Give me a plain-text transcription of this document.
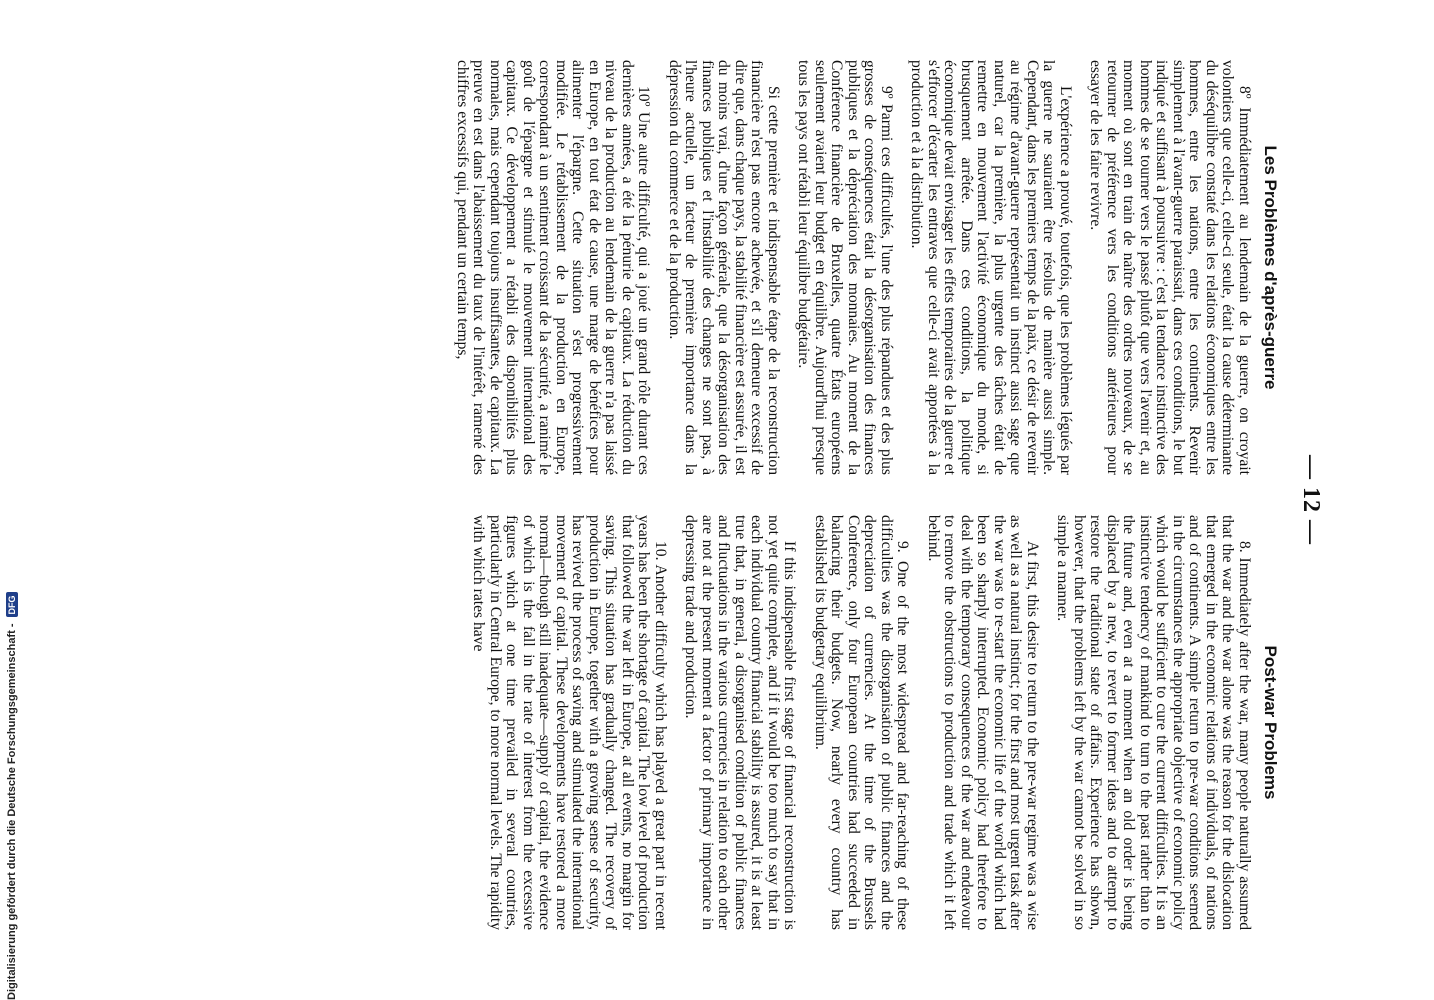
— 12 —
Les Problèmes d'après-guerre

8º Immédiatement au lendemain de la guerre, on croyait volontiers que celle-ci, celle-ci seule, était la cause déterminante du déséquilibre constaté dans les relations économiques entre les hommes, entre les nations, entre les continents. Revenir simplement à l'avant-guerre paraissait, dans ces conditions, le but indiqué et suffisant à poursuivre : c'est la tendance instinctive des hommes de se tourner vers le passé plutôt que vers l'avenir et, au moment où sont en train de naître des ordres nouveaux, de se retourner de préférence vers les conditions antérieures pour essayer de les faire revivre.

L'expérience a prouvé, toutefois, que les problèmes légués par la guerre ne sauraient être résolus de manière aussi simple. Cependant, dans les premiers temps de la paix, ce désir de revenir au régime d'avant-guerre représentait un instinct aussi sage que naturel, car la première, la plus urgente des tâches était de remettre en mouvement l'activité économique du monde, si brusquement arrêtée. Dans ces conditions, la politique économique devait envisager les effets temporaires de la guerre et s'efforcer d'écarter les entraves que celle-ci avait apportées à la production et à la distribution.

9º Parmi ces difficultés, l'une des plus répandues et des plus grosses de conséquences était la désorganisation des finances publiques et la dépréciation des monnaies. Au moment de la Conférence financière de Bruxelles, quatre États européens seulement avaient leur budget en équilibre. Aujourd'hui presque tous les pays ont rétabli leur équilibre budgétaire.

Si cette première et indispensable étape de la reconstruction financière n'est pas encore achevée, et s'il demeure excessif de dire que, dans chaque pays, la stabilité financière est assurée, il est du moins vrai, d'une façon générale, que la désorganisation des finances publiques et l'instabilité des changes ne sont pas, à l'heure actuelle, un facteur de première importance dans la dépression du commerce et de la production.

10º Une autre difficulté, qui a joué un grand rôle durant ces dernières années, a été la pénurie de capitaux. La réduction du niveau de la production au lendemain de la guerre n'a pas laissé en Europe, en tout état de cause, une marge de bénéfices pour alimenter l'épargne. Cette situation s'est progressivement modifiée. Le rétablissement de la production en Europe, correspondant à un sentiment croissant de la sécurité, a ranimé le goût de l'épargne et stimulé le mouvement international des capitaux. Ce développement a rétabli des disponibilités plus normales, mais cependant toujours insuffisantes, de capitaux. La preuve en est dans l'abaissement du taux de l'intérêt, ramené des chiffres excessifs qui, pendant un certain temps,

Post-war Problems

8. Immediately after the war, many people naturally assumed that the war and the war alone was the reason for the dislocation that emerged in the economic relations of individuals, of nations and of continents. A simple return to pre-war conditions seemed in the circumstances the appropriate objective of economic policy which would be sufficient to cure the current difficulties. It is an instinctive tendency of mankind to turn to the past rather than to the future and, even at a moment when an old order is being displaced by a new, to revert to former ideas and to attempt to restore the traditional state of affairs. Experience has shown, however, that the problems left by the war cannot be solved in so simple a manner.

At first, this desire to return to the pre-war regime was a wise as well as a natural instinct; for the first and most urgent task after the war was to re-start the economic life of the world which had been so sharply interrupted. Economic policy had therefore to deal with the temporary consequences of the war and endeavour to remove the obstructions to production and trade which it left behind.

9. One of the most widespread and far-reaching of these difficulties was the disorganisation of public finances and the depreciation of currencies. At the time of the Brussels Conference, only four European countries had succeeded in balancing their budgets. Now, nearly every country has established its budgetary equilibrium.

If this indispensable first stage of financial reconstruction is not yet quite complete, and if it would be too much to say that in each individual country financial stability is assured, it is at least true that, in general, a disorganised condition of public finances and fluctuations in the various currencies in relation to each other are not at the present moment a factor of primary importance in depressing trade and production.

10. Another difficulty which has played a great part in recent years has been the shortage of capital. The low level of production that followed the war left in Europe, at all events, no margin for saving. This situation has gradually changed. The recovery of production in Europe, together with a growing sense of security, has revived the process of saving and stimulated the international movement of capital. These developments have restored a more normal—though still inadequate—supply of capital, the evidence of which is the fall in the rate of interest from the excessive figures which at one time prevailed in several countries, particularly in Central Europe, to more normal levels. The rapidity with which rates have

Digitalisierung gefördert durch die Deutsche Forschungsgemeinschaft -
DFG
